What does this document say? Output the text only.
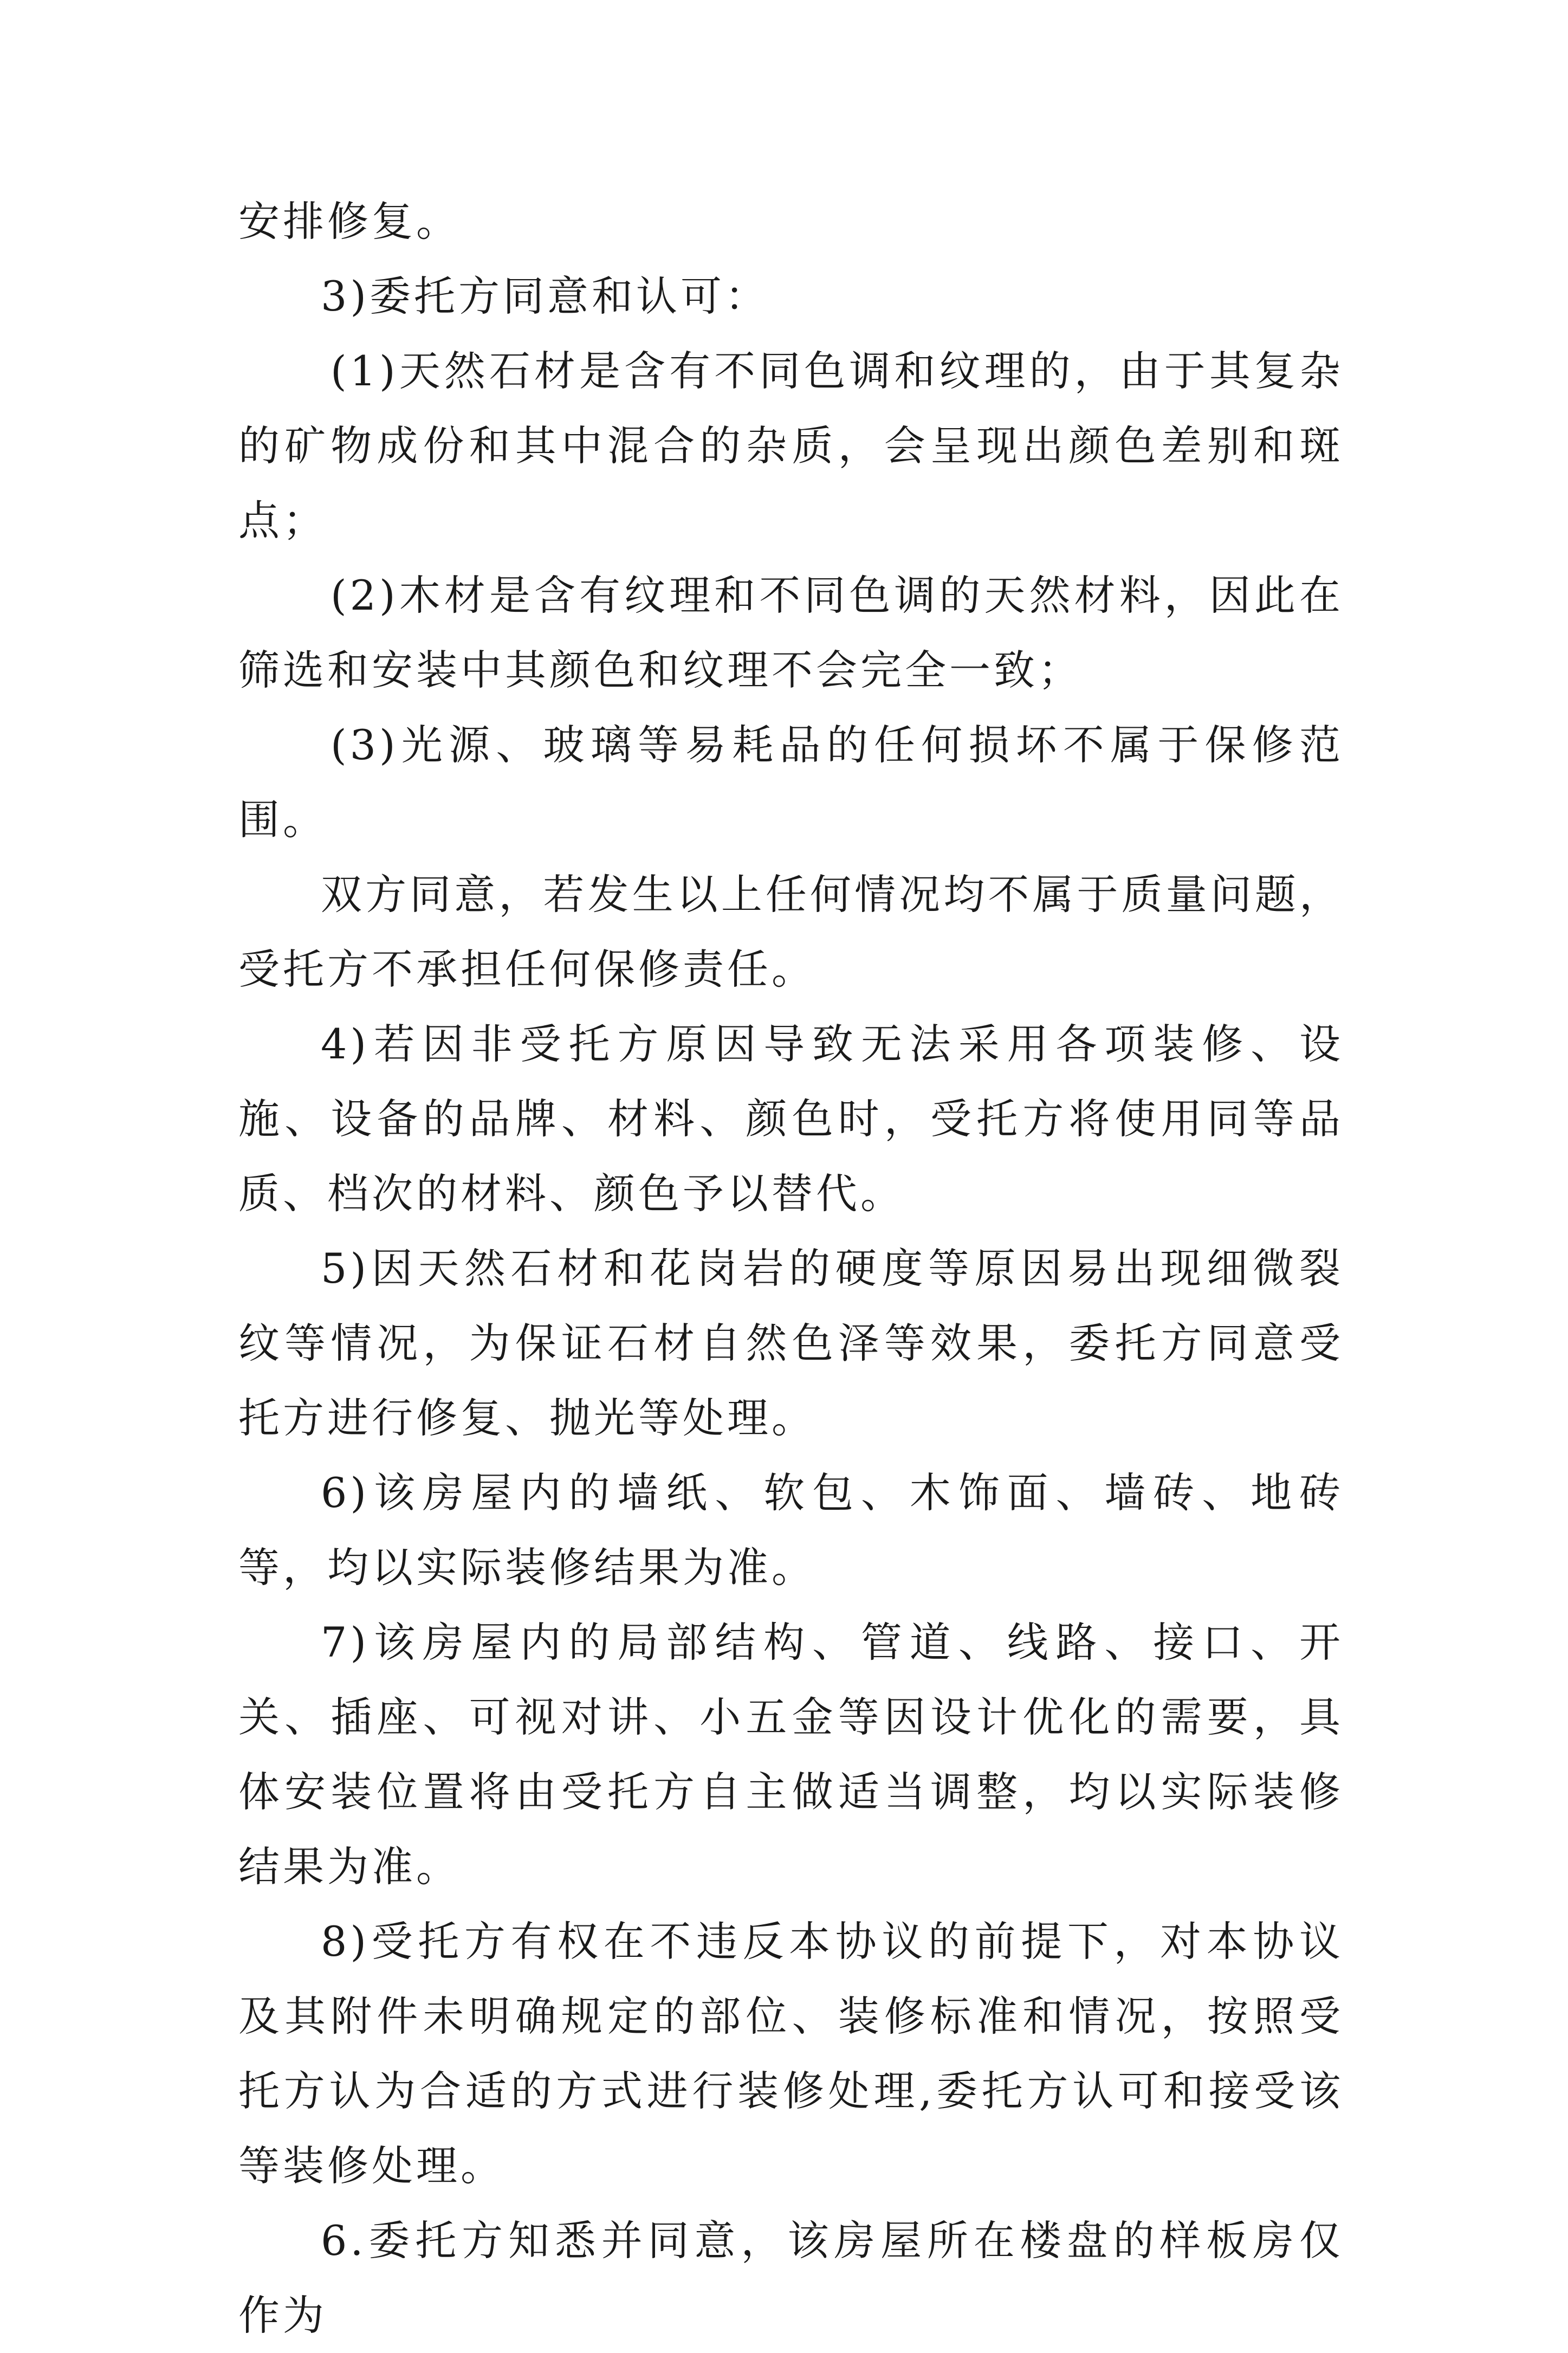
安排修复。

3)委托方同意和认可：

(1)天然石材是含有不同色调和纹理的，由于其复杂的矿物成份和其中混合的杂质，会呈现出颜色差别和斑点；

(2)木材是含有纹理和不同色调的天然材料，因此在筛选和安装中其颜色和纹理不会完全一致；

(3)光源、玻璃等易耗品的任何损坏不属于保修范围。

双方同意，若发生以上任何情况均不属于质量问题，受托方不承担任何保修责任。

4)若因非受托方原因导致无法采用各项装修、设施、设备的品牌、材料、颜色时，受托方将使用同等品质、档次的材料、颜色予以替代。

5)因天然石材和花岗岩的硬度等原因易出现细微裂纹等情况，为保证石材自然色泽等效果，委托方同意受托方进行修复、抛光等处理。

6)该房屋内的墙纸、软包、木饰面、墙砖、地砖等，均以实际装修结果为准。

7)该房屋内的局部结构、管道、线路、接口、开关、插座、可视对讲、小五金等因设计优化的需要，具体安装位置将由受托方自主做适当调整，均以实际装修结果为准。

8)受托方有权在不违反本协议的前提下，对本协议及其附件未明确规定的部位、装修标准和情况，按照受托方认为合适的方式进行装修处理,委托方认可和接受该等装修处理。

6.委托方知悉并同意，该房屋所在楼盘的样板房仅作为
